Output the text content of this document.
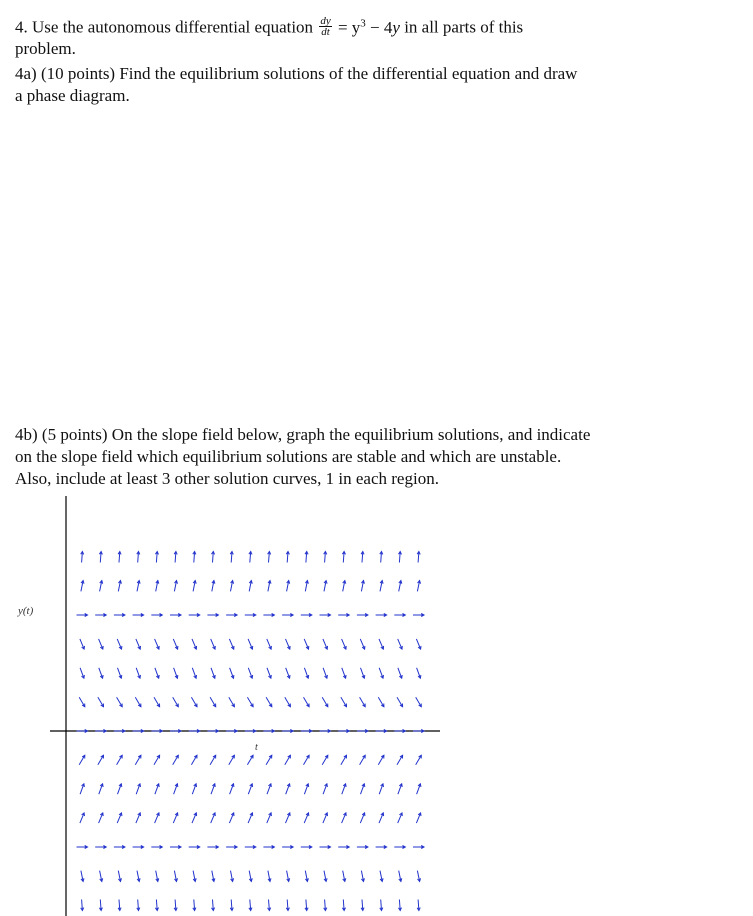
4. Use the autonomous differential equation $\frac{dy}{dt} = y^3 - 4y$ in all parts of this
problem.
4a) (10 points) Find the equilibrium solutions of the differential equation and draw
a phase diagram.
4b) (5 points) On the slope field below, graph the equilibrium solutions, and indicate
on the slope field which equilibrium solutions are stable and which are unstable.
Also, include at least 3 other solution curves, 1 in each region.
y(t)
t
